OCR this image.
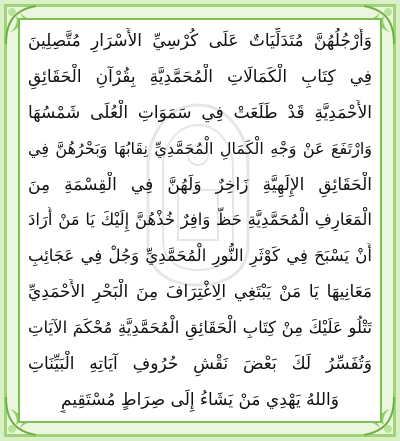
وَأَرْجُلُهُنَّ مُتَدَلِّيَاتٌ عَلَى كُرْسِيِّ الأَسْرَارِ مُتَّصِلِينَ
فِي كِتَابِ الْكَمَالَاتِ الْمُحَمَّدِيَّةِ بِقُرْآنِ الْحَقَائِقِ
الأَحْمَدِيَّةِ قَدْ طَلَعَتْ فِي سَمَوَاتِ الْعُلَى شَمْسُهَا
وَارْتَفَعَ عَنْ وَجْهِ الْكَمَالِ الْمُحَمَّدِيِّ نِقَابُهَا وَبَحْرُهُنَّ فِي
الْحَقَائِقِ الإِلَهِيَّةِ زَاخِرٌ وَلَهُنَّ فِي الْقِسْمَةِ مِنَ
الْمَعَارِفِ الْمُحَمَّدِيَّةِ حَظٌّ وَافِرٌ خُذْهُنَّ إِلَيْكَ يَا مَنْ أَرَادَ
أَنْ يَسْبَحَ فِي كَوْثَرِ النُّورِ الْمُحَمَّدِيِّ وَجُلْ فِي عَجَائِبِ
مَعَانِيهَا يَا مَنْ يَبْتَغِي الِاغْتِرَافَ مِنَ الْبَحْرِ الأَحْمَدِيِّ
تَتْلُو عَلَيْكَ مِنْ كِتَابِ الْحَقَائِقِ الْمُحَمَّدِيَّةِ مُحْكَمَ الآيَاتِ
وَتُفَسِّرُ لَكَ بَعْضَ نَقْشِ حُرُوفِ آيَاتِهِ الْبَيِّنَاتِ
وَاللهُ يَهْدِي مَنْ يَشَاءُ إِلَى صِرَاطٍ مُسْتَقِيمٍ
